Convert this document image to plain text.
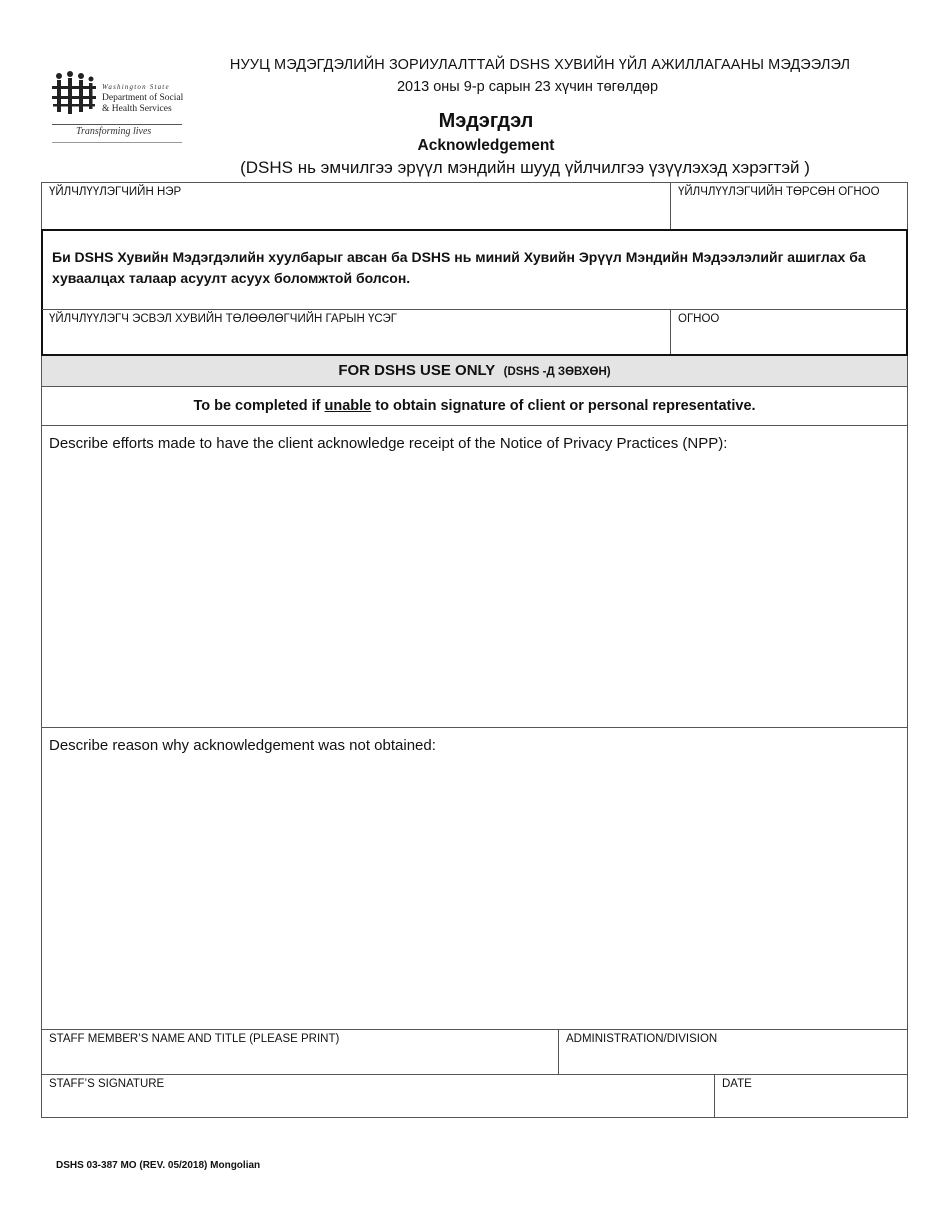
Washington State
Department of Social
& Health Services
Transforming lives
НУУЦ МЭДЭГДЭЛИЙН ЗОРИУЛАЛТТАЙ DSHS ХУВИЙН ҮЙЛ АЖИЛЛАГААНЫ МЭДЭЭЛЭЛ
2013 оны 9-р сарын 23 хүчин төгөлдөр
Мэдэгдэл
Acknowledgement
(DSHS нь эмчилгээ эрүүл мэндийн шууд үйлчилгээ үзүүлэхэд хэрэгтэй )
ҮЙЛЧЛҮҮЛЭГЧИЙН НЭР	ҮЙЛЧЛҮҮЛЭГЧИЙН ТӨРСӨН ОГНОО
Би DSHS Хувийн Мэдэгдэлийн хуулбарыг авсан ба DSHS нь миний Хувийн Эрүүл Мэндийн Мэдээлэлийг ашиглах ба хуваалцах талаар асуулт асуух боломжтой болсон.
ҮЙЛЧЛҮҮЛЭГЧ ЭСВЭЛ ХУВИЙН ТӨЛӨӨЛӨГЧИЙН ГАРЫН ҮСЭГ	ОГНОО
FOR DSHS USE ONLY (DSHS -Д ЗӨВХӨН)
To be completed if unable to obtain signature of client or personal representative.
Describe efforts made to have the client acknowledge receipt of the Notice of Privacy Practices (NPP):
Describe reason why acknowledgement was not obtained:
STAFF MEMBER’S NAME AND TITLE (PLEASE PRINT)	ADMINISTRATION/DIVISION
STAFF’S SIGNATURE	DATE
DSHS 03-387 MO (REV. 05/2018) Mongolian
